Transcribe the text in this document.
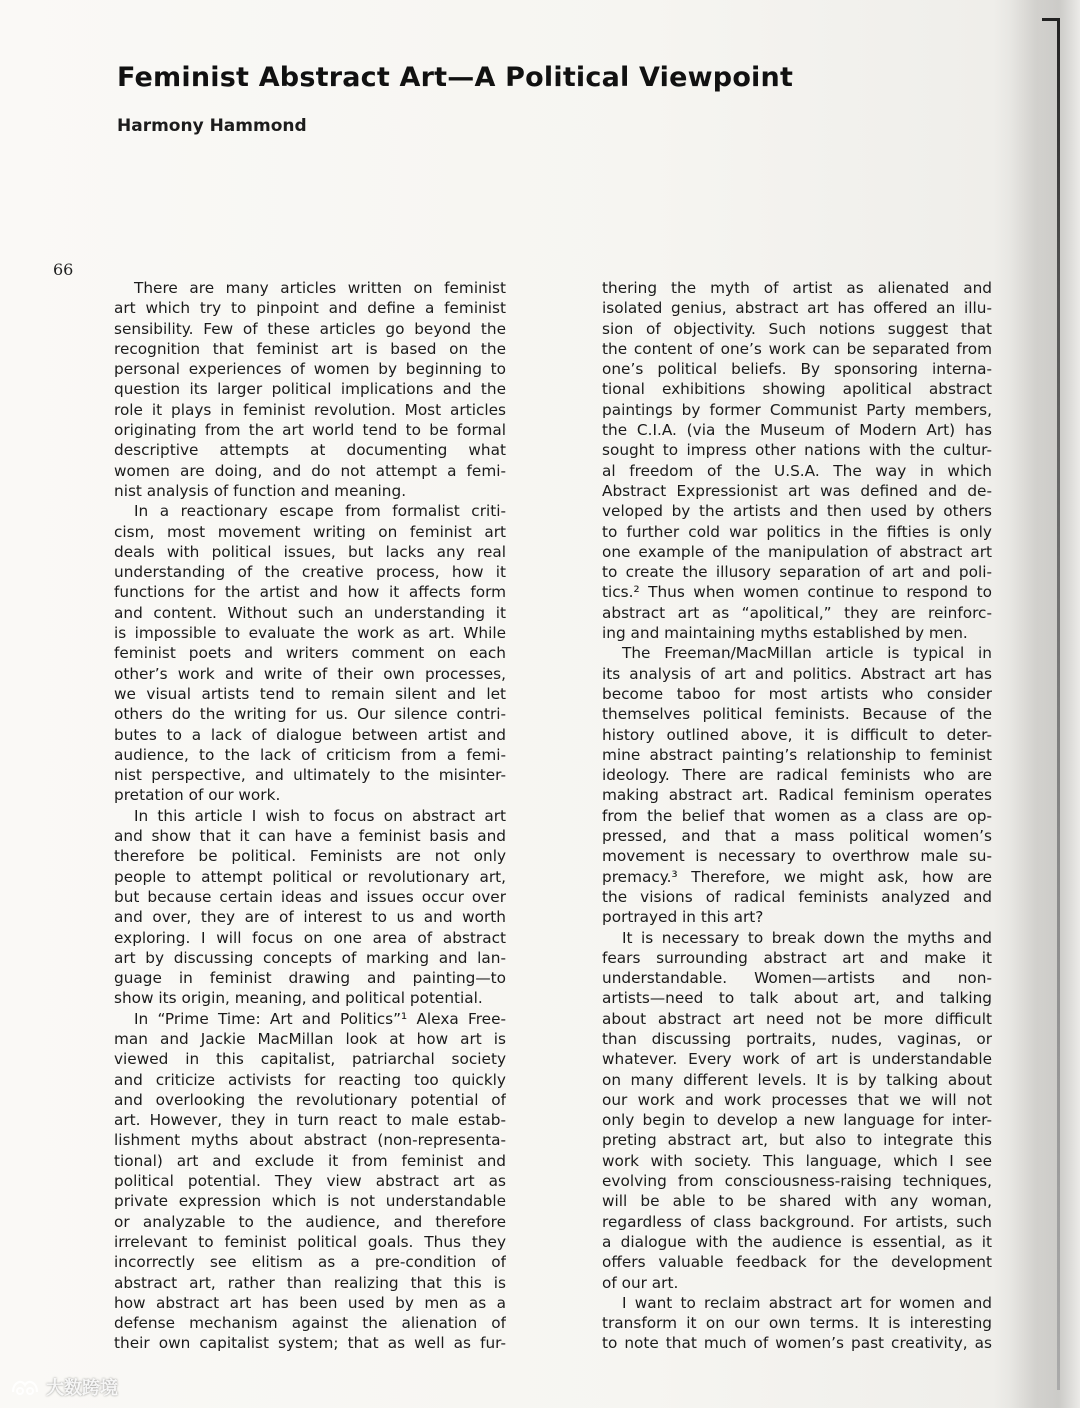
Feminist Abstract Art—A Political Viewpoint

Harmony Hammond

66
There are many articles written on feminist
art which try to pinpoint and define a feminist
sensibility. Few of these articles go beyond the
recognition that feminist art is based on the
personal experiences of women by beginning to
question its larger political implications and the
role it plays in feminist revolution. Most articles
originating from the art world tend to be formal
descriptive attempts at documenting what
women are doing, and do not attempt a femi-
nist analysis of function and meaning.
In a reactionary escape from formalist criti-
cism, most movement writing on feminist art
deals with political issues, but lacks any real
understanding of the creative process, how it
functions for the artist and how it affects form
and content. Without such an understanding it
is impossible to evaluate the work as art. While
feminist poets and writers comment on each
other’s work and write of their own processes,
we visual artists tend to remain silent and let
others do the writing for us. Our silence contri-
butes to a lack of dialogue between artist and
audience, to the lack of criticism from a femi-
nist perspective, and ultimately to the misinter-
pretation of our work.
In this article I wish to focus on abstract art
and show that it can have a feminist basis and
therefore be political. Feminists are not only
people to attempt political or revolutionary art,
but because certain ideas and issues occur over
and over, they are of interest to us and worth
exploring. I will focus on one area of abstract
art by discussing concepts of marking and lan-
guage in feminist drawing and painting—to
show its origin, meaning, and political potential.
In “Prime Time: Art and Politics”¹ Alexa Free-
man and Jackie MacMillan look at how art is
viewed in this capitalist, patriarchal society
and criticize activists for reacting too quickly
and overlooking the revolutionary potential of
art. However, they in turn react to male estab-
lishment myths about abstract (non-representa-
tional) art and exclude it from feminist and
political potential. They view abstract art as
private expression which is not understandable
or analyzable to the audience, and therefore
irrelevant to feminist political goals. Thus they
incorrectly see elitism as a pre-condition of
abstract art, rather than realizing that this is
how abstract art has been used by men as a
defense mechanism against the alienation of
their own capitalist system; that as well as fur-
thering the myth of artist as alienated and
isolated genius, abstract art has offered an illu-
sion of objectivity. Such notions suggest that
the content of one’s work can be separated from
one’s political beliefs. By sponsoring interna-
tional exhibitions showing apolitical abstract
paintings by former Communist Party members,
the C.I.A. (via the Museum of Modern Art) has
sought to impress other nations with the cultur-
al freedom of the U.S.A. The way in which
Abstract Expressionist art was defined and de-
veloped by the artists and then used by others
to further cold war politics in the fifties is only
one example of the manipulation of abstract art
to create the illusory separation of art and poli-
tics.² Thus when women continue to respond to
abstract art as “apolitical,” they are reinforc-
ing and maintaining myths established by men.
The Freeman/MacMillan article is typical in
its analysis of art and politics. Abstract art has
become taboo for most artists who consider
themselves political feminists. Because of the
history outlined above, it is difficult to deter-
mine abstract painting’s relationship to feminist
ideology. There are radical feminists who are
making abstract art. Radical feminism operates
from the belief that women as a class are op-
pressed, and that a mass political women’s
movement is necessary to overthrow male su-
premacy.³ Therefore, we might ask, how are
the visions of radical feminists analyzed and
portrayed in this art?
It is necessary to break down the myths and
fears surrounding abstract art and make it
understandable. Women—artists and non-
artists—need to talk about art, and talking
about abstract art need not be more difficult
than discussing portraits, nudes, vaginas, or
whatever. Every work of art is understandable
on many different levels. It is by talking about
our work and work processes that we will not
only begin to develop a new language for inter-
preting abstract art, but also to integrate this
work with society. This language, which I see
evolving from consciousness-raising techniques,
will be able to be shared with any woman,
regardless of class background. For artists, such
a dialogue with the audience is essential, as it
offers valuable feedback for the development
of our art.
I want to reclaim abstract art for women and
transform it on our own terms. It is interesting
to note that much of women’s past creativity, as
大数跨境
